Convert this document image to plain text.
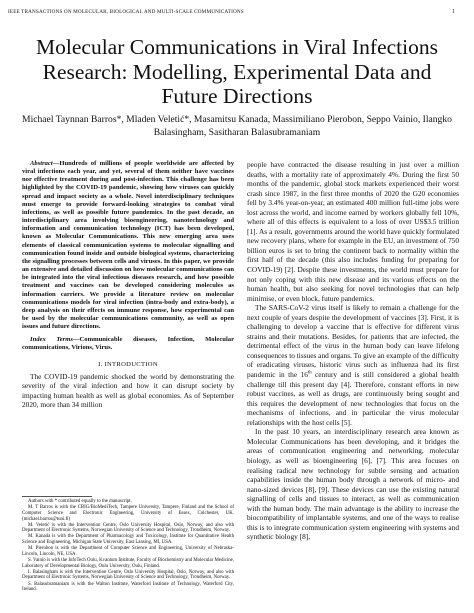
IEEE TRANSACTIONS ON MOLECULAR, BIOLOGICAL AND MULTI-SCALE COMMUNICATIONS	1
Molecular Communications in Viral Infections Research: Modelling, Experimental Data and Future Directions

Michael Taynnan Barros*, Mladen Veletić*, Masamitsu Kanada, Massimiliano Pierobon, Seppo Vainio, Ilangko Balasingham, Sasitharan Balasubramaniam

Abstract—Hundreds of millions of people worldwide are affected by viral infections each year, and yet, several of them neither have vaccines nor effective treatment during and post-infection. This challenge has been highlighted by the COVID-19 pandemic, showing how viruses can quickly spread and impact society as a whole. Novel interdisciplinary techniques must emerge to provide forward-looking strategies to combat viral infections, as well as possible future pandemics. In the past decade, an interdisciplinary area involving bioengineering, nanotechnology and information and communication technology (ICT) has been developed, known as Molecular Communications. This new emerging area uses elements of classical communication systems to molecular signalling and communication found inside and outside biological systems, characterizing the signalling processes between cells and viruses. In this paper, we provide an extensive and detailed discussion on how molecular communications can be integrated into the viral infectious diseases research, and how possible treatment and vaccines can be developed considering molecules as information carriers. We provide a literature review on molecular communications models for viral infection (intra-body and extra-body), a deep analysis on their effects on immune response, how experimental can be used by the molecular communications community, as well as open issues and future directions.

Index Terms—Communicable diseases, Infection, Molecular communications, Virions, Virus.

I. INTRODUCTION

The COVID-19 pandemic shocked the world by demonstrating the severity of the viral infection and how it can disrupt society by impacting human health as well as global economies. As of September 2020, more than 34 million

Authors with * contributed equally to the manuscript.

M. T Barros is with the CBIG/BioMediTech, Tampere University, Tampere, Finland and the School of Computer Science and Electronic Engineering, University of Essex, Colchester, UK. (michael.barros@tuni.fi)

M. Veletić is with the Intervention Centre, Oslo University Hospital, Oslo, Norway, and also with Department of Electronic Systems, Norwegian University of Science and Technology, Trondheim, Norway.

M. Kanada is with the Department of Pharmacology and Toxicology, Institute for Quantitative Health Science and Engineering, Michigan State University, East Lansing, MI, USA.

M. Pierobon is with the Department of Computer Science and Engineering, University of Nebraska-Lincoln, Lincoln, NE, USA.

S. Vainio is with the InfoTech Oulu, Kvantum Institute, Faculty of Biochemistry and Molecular Medicine, Laboratory of Developmental Biology, Oulu University, Oulu, Finland.

I. Balasingham is with the Intervention Centre, Oslo University Hospital, Oslo, Norway, and also with Department of Electronic Systems, Norwegian University of Science and Technology, Trondheim, Norway.

S. Balasubramaniam is with the Walton Institute, Waterford Institute of Technology, Waterford City, Ireland.

people have contracted the disease resulting in just over a million deaths, with a mortality rate of approximately 4%. During the first 50 months of the pandemic, global stock markets experienced their worst crash since 1987, in the first three months of 2020 the G20 economies fell by 3.4% year-on-year, an estimated 400 million full-time jobs were lost across the world, and income earned by workers globally fell 10%, where all of this effects is equivalent to a loss of over US$3.5 trillion [1]. As a result, governments around the world have quickly formulated new recovery plans, where for example in the EU, an investment of 750 billion euros is set to bring the continent back to normality within the first half of the decade (this also includes funding for preparing for COVID-19) [2]. Despite these investments, the world must prepare for not only coping with this new disease and its various effects on the human health, but also seeking for novel technologies that can help minimise, or even block, future pandemics.

The SARS-CoV-2 virus itself is likely to remain a challenge for the next couple of years despite the development of vaccines [3]. First, it is challenging to develop a vaccine that is effective for different virus strains and their mutations. Besides, for patients that are infected, the detrimental effect of the virus in the human body can leave lifelong consequences to tissues and organs. To give an example of the difficulty of eradicating viruses, historic virus such as influenza had its first pandemic in the 16th century and is still considered a global health challenge till this present day [4]. Therefore, constant efforts in new robust vaccines, as well as drugs, are continuously being sought and this requires the development of new technologies that focus on the mechanisms of infections, and in particular the virus molecular relationships with the host cells [5].

In the past 10 years, an interdisciplinary research area known as Molecular Communications has been developing, and it bridges the areas of communication engineering and networking, molecular biology, as well as bioengineering [6], [7]. This area focuses on realising radical new technology for subtle sensing and actuation capabilities inside the human body through a network of micro- and nano-sized devices [8], [9]. These devices can use the existing natural signalling of cells and tissues to interact, as well as communication with the human body. The main advantage is the ability to increase the biocompatibility of implantable systems, and one of the ways to realise this is to integrate communication system engineering with systems and synthetic biology [8],
